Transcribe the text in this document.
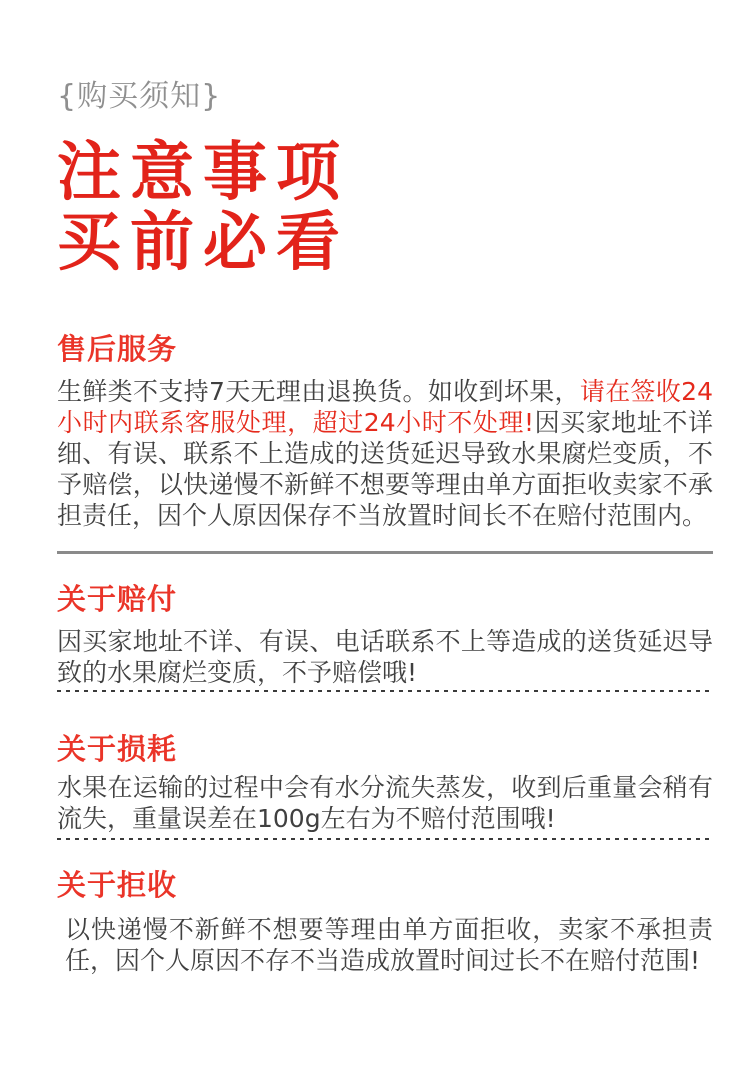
{购买须知}
注意事项
买前必看
售后服务

生鲜类不支持7天无理由退换货。如收到坏果，请在签收24小时内联系客服处理，超过24小时不处理!因买家地址不详细、有误、联系不上造成的送货延迟导致水果腐烂变质，不予赔偿，以快递慢不新鲜不想要等理由单方面拒收卖家不承担责任，因个人原因保存不当放置时间长不在赔付范围内。

关于赔付

因买家地址不详、有误、电话联系不上等造成的送货延迟导致的水果腐烂变质，不予赔偿哦!

关于损耗

水果在运输的过程中会有水分流失蒸发，收到后重量会稍有流失，重量误差在100g左右为不赔付范围哦!

关于拒收

以快递慢不新鲜不想要等理由单方面拒收，卖家不承担责任，因个人原因不存不当造成放置时间过长不在赔付范围!
